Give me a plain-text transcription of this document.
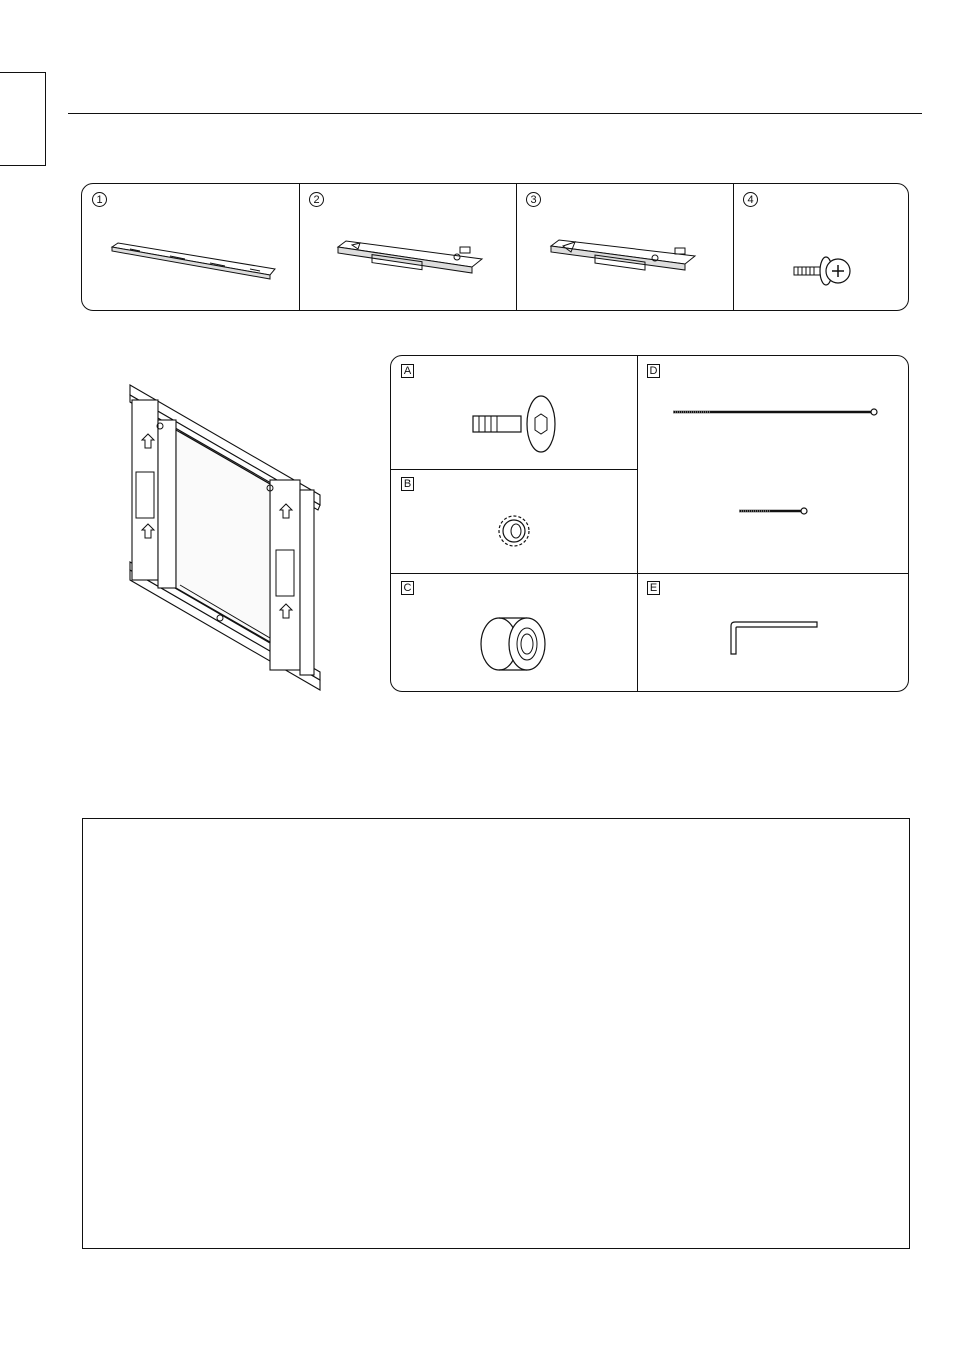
1	2	3	4
A
B
C
D
E
